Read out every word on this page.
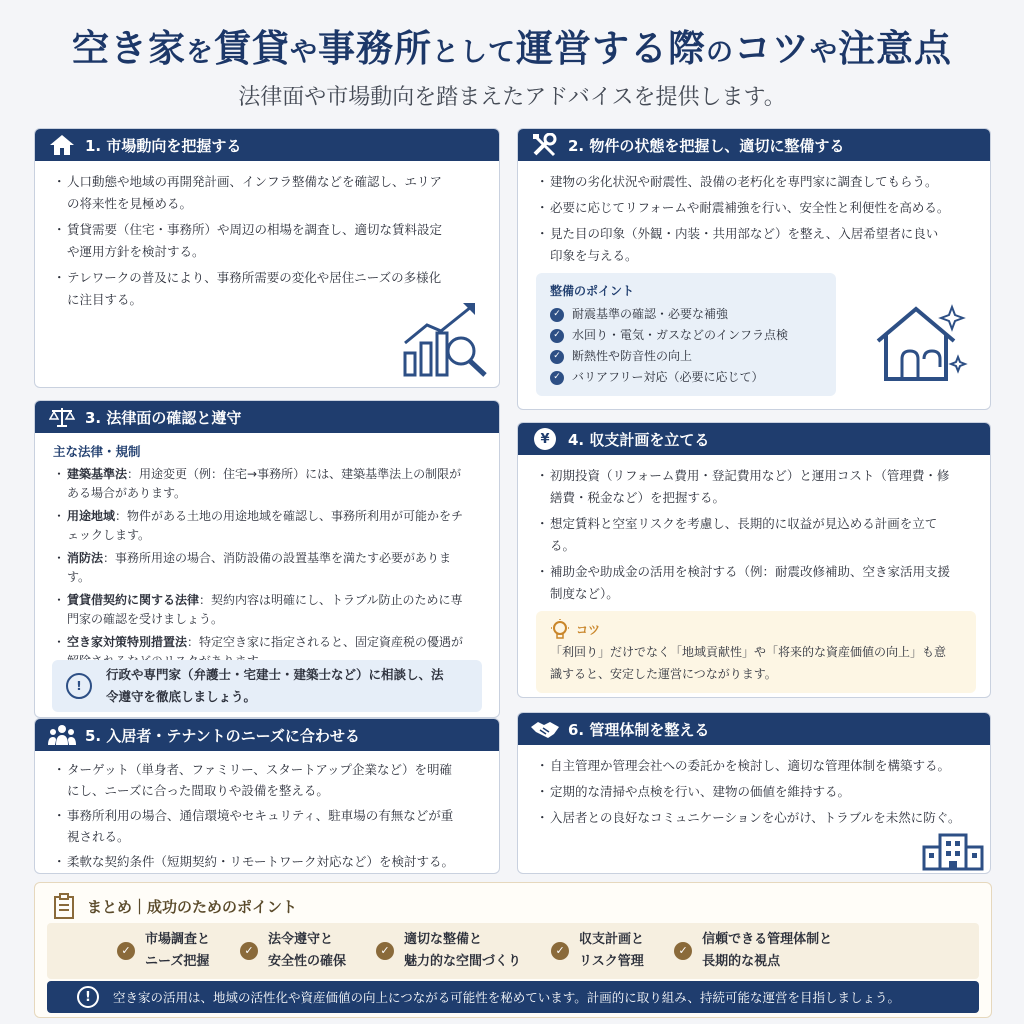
空き家を賃貸や事務所として運営する際のコツや注意点
法律面や市場動向を踏まえたアドバイスを提供します。
1. 市場動向を把握する
・ 人口動態や地域の再開発計画、インフラ整備などを確認し、エリアの将来性を見極める。
・ 賃貸需要（住宅・事務所）や周辺の相場を調査し、適切な賃料設定や運用方針を検討する。
・ テレワークの普及により、事務所需要の変化や居住ニーズの多様化に注目する。
2. 物件の状態を把握し、適切に整備する
・ 建物の劣化状況や耐震性、設備の老朽化を専門家に調査してもらう。
・ 必要に応じてリフォームや耐震補強を行い、安全性と利便性を高める。
・ 見た目の印象（外観・内装・共用部など）を整え、入居希望者に良い印象を与える。
整備のポイント
✓ 耐震基準の確認・必要な補強
✓ 水回り・電気・ガスなどのインフラ点検
✓ 断熱性や防音性の向上
✓ バリアフリー対応（必要に応じて）
3. 法律面の確認と遵守
主な法律・規制
・ 建築基準法：用途変更（例：住宅→事務所）には、建築基準法上の制限がある場合があります。
・ 用途地域：物件がある土地の用途地域を確認し、事務所利用が可能かをチェックします。
・ 消防法：事務所用途の場合、消防設備の設置基準を満たす必要があります。
・ 賃貸借契約に関する法律：契約内容は明確にし、トラブル防止のために専門家の確認を受けましょう。
・ 空き家対策特別措置法：特定空き家に指定されると、固定資産税の優遇が
!
行政や専門家（弁護士・宅建士・建築士など）に相談し、法令遵守を徹底しましょう。
¥	4. 収支計画を立てる
・ 初期投資（リフォーム費用・登記費用など）と運用コスト（管理費・修繕費・税金など）を把握する。
・ 想定賃料と空室リスクを考慮し、長期的に収益が見込める計画を立てる。
・ 補助金や助成金の活用を検討する（例：耐震改修補助、空き家活用支援制度など）。
コツ
「利回り」だけでなく「地域貢献性」や「将来的な資産価値の向上」も意識すると、安定した運営につながります。
5. 入居者・テナントのニーズに合わせる
・ ターゲット（単身者、ファミリー、スタートアップ企業など）を明確にし、ニーズに合った間取りや設備を整える。
・ 事務所利用の場合、通信環境やセキュリティ、駐車場の有無などが重視される。
・ 柔軟な契約条件（短期契約・リモートワーク対応など）を検討する。
6. 管理体制を整える
・ 自主管理か管理会社への委託かを検討し、適切な管理体制を構築する。
・ 定期的な清掃や点検を行い、建物の価値を維持する。
・ 入居者との良好なコミュニケーションを心がけ、トラブルを未然に防ぐ。
まとめ｜成功のためのポイント
✓
市場調査と
ニーズ把握
✓
法令遵守と
安全性の確保
✓
適切な整備と
魅力的な空間づくり
✓
収支計画と
リスク管理
✓
信頼できる管理体制と
長期的な視点
!	空き家の活用は、地域の活性化や資産価値の向上につながる可能性を秘めています。計画的に取り組み、持続可能な運営を目指しましょう。
